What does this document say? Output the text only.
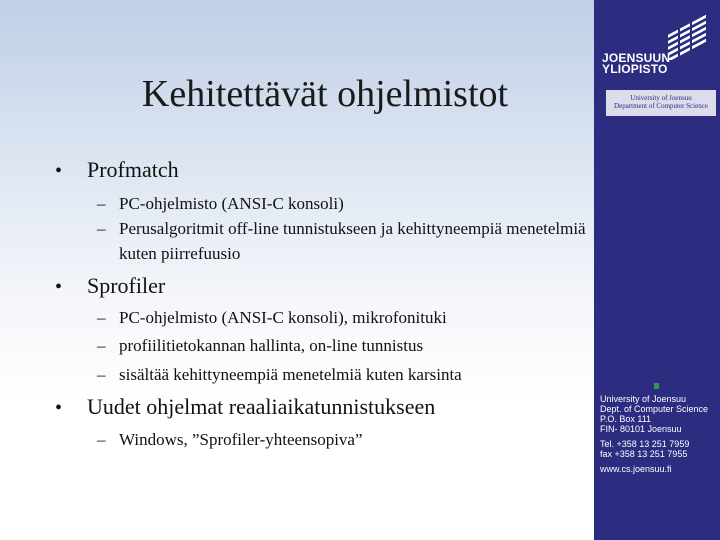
Kehitettävät ohjelmistot
•	Profmatch
– PC-ohjelmisto (ANSI-C konsoli)
– Perusalgoritmit off-line tunnistukseen ja kehittyneempiä menetelmiä kuten piirrefuusio
•	Sprofiler
– PC-ohjelmisto (ANSI-C konsoli), mikrofonituki
– profiilitietokannan hallinta, on-line tunnistus
– sisältää kehittyneempiä menetelmiä kuten karsinta
•	Uudet ohjelmat reaaliaikatunnistukseen
– Windows, ”Sprofiler-yhteensopiva”
JOENSUUN
YLIOPISTO
University of Joensuu
Department of Computer Science
University of Joensuu
Dept. of Computer Science
P.O. Box 111
FIN- 80101 Joensuu
Tel. +358 13 251 7959
fax +358 13 251 7955
www.cs.joensuu.fi
